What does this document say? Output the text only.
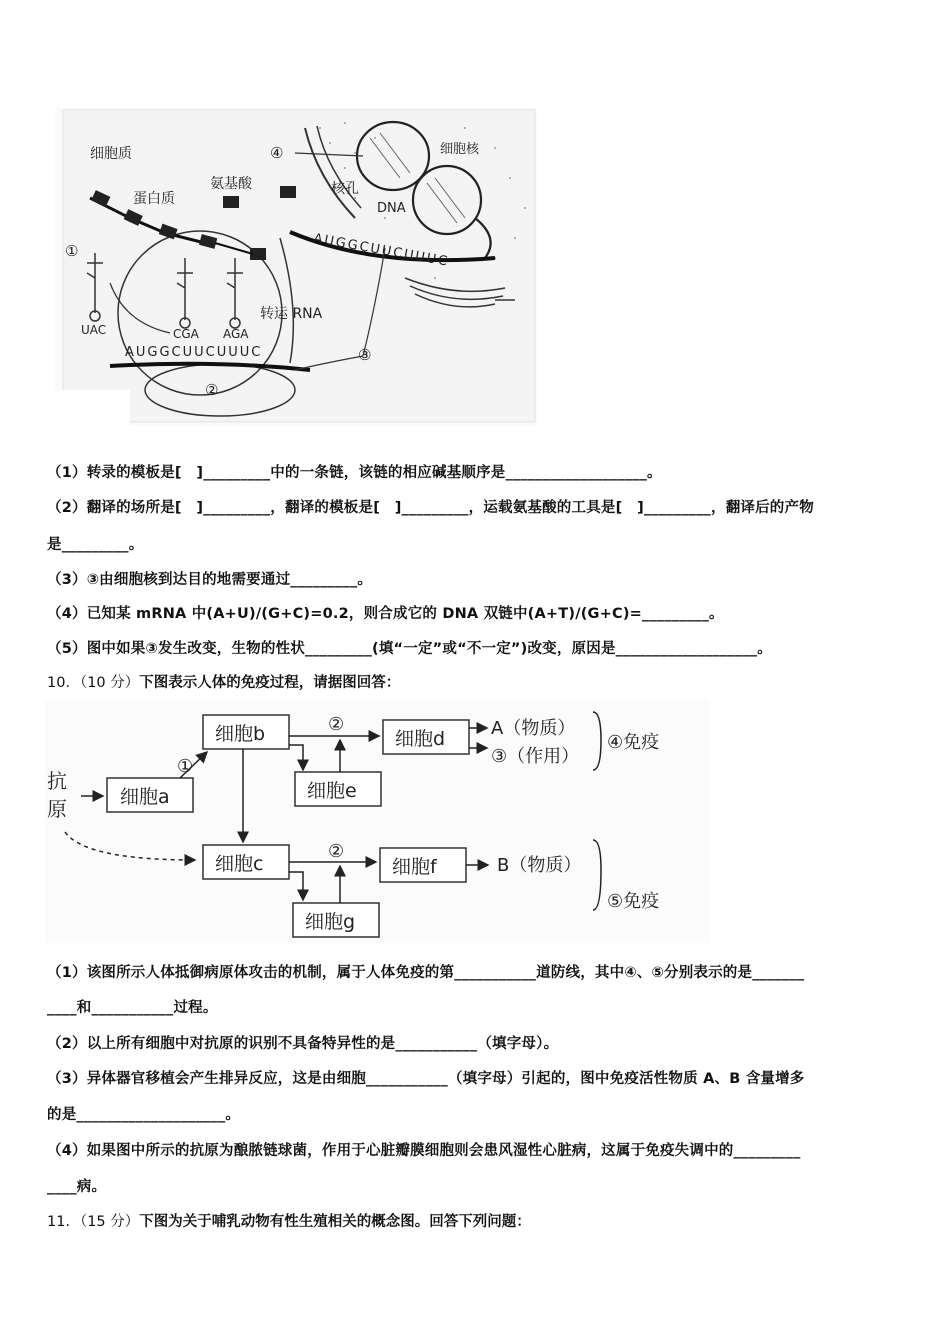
细胞质	细胞核
蛋白质
氨基酸	核孔
DNA
转运 RNA
①
②
③
④
UAC	CGA AGA
AUGGCUUCUUUC
AUGGCUUCUUUC
（1）转录的模板是[　]_________中的一条链，该链的相应碱基顺序是___________________。
（2）翻译的场所是[　]_________，翻译的模板是[　]_________，运载氨基酸的工具是[　]_________，翻译后的产物
是_________。
（3）③由细胞核到达目的地需要通过_________。
（4）已知某 mRNA 中(A+U)/(G+C)=0.2，则合成它的 DNA 双链中(A+T)/(G+C)=_________。
（5）图中如果③发生改变，生物的性状_________(填“一定”或“不一定”)改变，原因是___________________。
10．（10 分）下图表示人体的免疫过程，请据图回答：
抗
原	细胞a
细胞b
细胞e
细胞d
细胞c	细胞f
细胞g
①
②
②
A（物质）
③（作用）
B（物质）
④免疫
⑤免疫
（1）该图所示人体抵御病原体攻击的机制，属于人体免疫的第___________道防线，其中④、⑤分别表示的是_______
____和___________过程。
（2）以上所有细胞中对抗原的识别不具备特异性的是___________（填字母）。
（3）异体器官移植会产生排异反应，这是由细胞___________（填字母）引起的，图中免疫活性物质 A、B 含量增多
的是____________________。
（4）如果图中所示的抗原为酿脓链球菌，作用于心脏瓣膜细胞则会患风湿性心脏病，这属于免疫失调中的_________
____病。
11．（15 分）下图为关于哺乳动物有性生殖相关的概念图。回答下列问题：
